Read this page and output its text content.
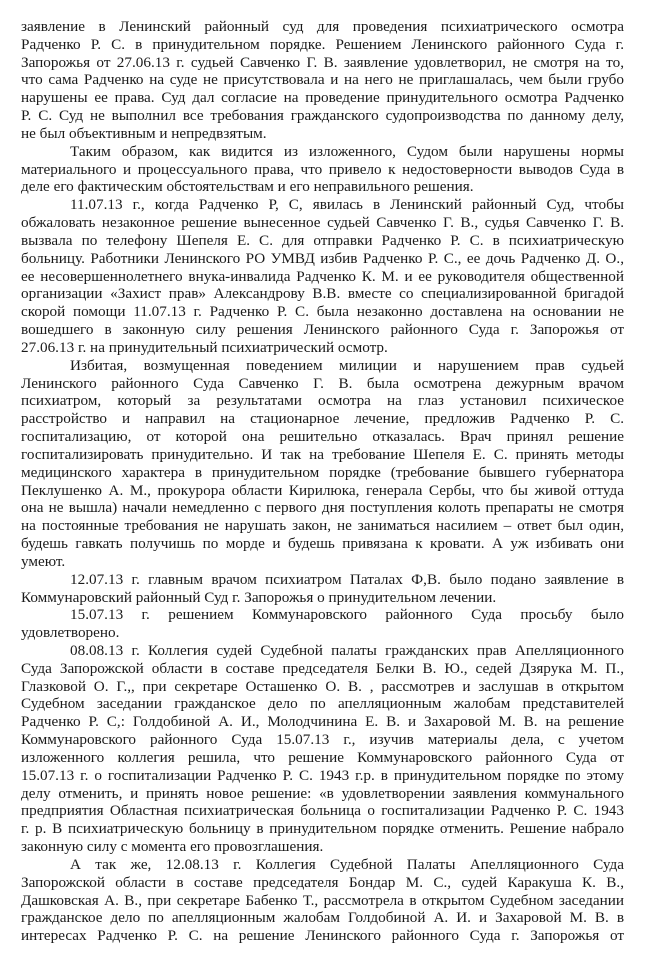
заявление в Ленинский районный суд для проведения психиатрического осмотра
Радченко Р. С. в принудительном порядке. Решением Ленинского районного Суда г.
Запорожья от 27.06.13 г. судьей Савченко Г. В. заявление удовлетворил, не смотря на то,
что сама Радченко на суде не присутствовала и на него не приглашалась, чем были грубо
нарушены ее права. Суд дал согласие на проведение принудительного осмотра Радченко
Р. С. Суд не выполнил все требования гражданского судопроизводства по данному делу,
не был объективным и непредвзятым.
Таким образом, как видится из изложенного, Судом были нарушены нормы
материального и процессуального права, что привело к недостоверности выводов Суда в
деле его фактическим обстоятельствам и его неправильного решения.
11.07.13 г., когда Радченко Р, С, явилась в Ленинский районный Суд, чтобы
обжаловать незаконное решение вынесенное судьей Савченко Г. В., судья Савченко Г. В.
вызвала по телефону Шепеля Е. С. для отправки Радченко Р. С. в психиатрическую
больницу. Работники Ленинского РО УМВД избив Радченко Р. С., ее дочь Радченко Д. О.,
ее несовершеннолетнего внука-инвалида Радченко К. М. и ее руководителя общественной
организации «Захист прав» Александрову В.В. вместе со специализированной бригадой
скорой помощи 11.07.13 г. Радченко Р. С. была незаконно доставлена на основании не
вошедшего в законную силу решения Ленинского районного Суда г. Запорожья от
27.06.13 г. на принудительный психиатрический осмотр.
Избитая, возмущенная поведением милиции и нарушением прав судьей
Ленинского районного Суда Савченко Г. В. была осмотрена дежурным врачом
психиатром, который за результатами осмотра на глаз установил психическое
расстройство и направил на стационарное лечение, предложив Радченко Р. С.
госпитализацию, от которой она решительно отказалась. Врач принял решение
госпитализировать принудительно. И так на требование Шепеля Е. С. принять методы
медицинского характера в принудительном порядке (требование бывшего губернатора
Пеклушенко А. М., прокурора области Кирилюка, генерала Сербы, что бы живой оттуда
она не вышла) начали немедленно с первого дня поступления колоть препараты не смотря
на постоянные требования не нарушать закон, не заниматься насилием – ответ был один,
будешь гавкать получишь по морде и будешь привязана к кровати. А уж избивать они
умеют.
12.07.13 г. главным врачом психиатром Паталах Ф,В. было подано заявление в
Коммунаровский районный Суд г. Запорожья о принудительном лечении.
15.07.13 г. решением Коммунаровского районного Суда просьбу было
удовлетворено.
08.08.13 г. Коллегия судей Судебной палаты гражданских прав Апелляционного
Суда Запорожской области в составе председателя Белки В. Ю., седей Дзярука М. П.,
Глазковой О. Г.,, при секретаре Осташенко О. В. , рассмотрев и заслушав в открытом
Судебном заседании гражданское дело по апелляционным жалобам представителей
Радченко Р. С,: Голдобиной А. И., Молодчинина Е. В. и Захаровой М. В. на решение
Коммунаровского районного Суда 15.07.13 г., изучив материалы дела, с учетом
изложенного коллегия решила, что решение Коммунаровского районного Суда от
15.07.13 г. о госпитализации Радченко Р. С. 1943 г.р. в принудительном порядке по этому
делу отменить, и принять новое решение: «в удовлетворении заявления коммунального
предприятия Областная психиатрическая больница о госпитализации Радченко Р. С. 1943
г. р. В психиатрическую больницу в принудительном порядке отменить. Решение набрало
законную силу с момента его провозглашения.
А так же, 12.08.13 г. Коллегия Судебной Палаты Апелляционного Суда
Запорожской области в составе председателя Бондар М. С., судей Каракуша К. В.,
Дашковская А. В., при секретаре Бабенко Т., рассмотрела в открытом Судебном заседании
гражданское дело по апелляционным жалобам Голдобиной А. И. и Захаровой М. В. в
интересах Радченко Р. С. на решение Ленинского районного Суда г. Запорожья от
